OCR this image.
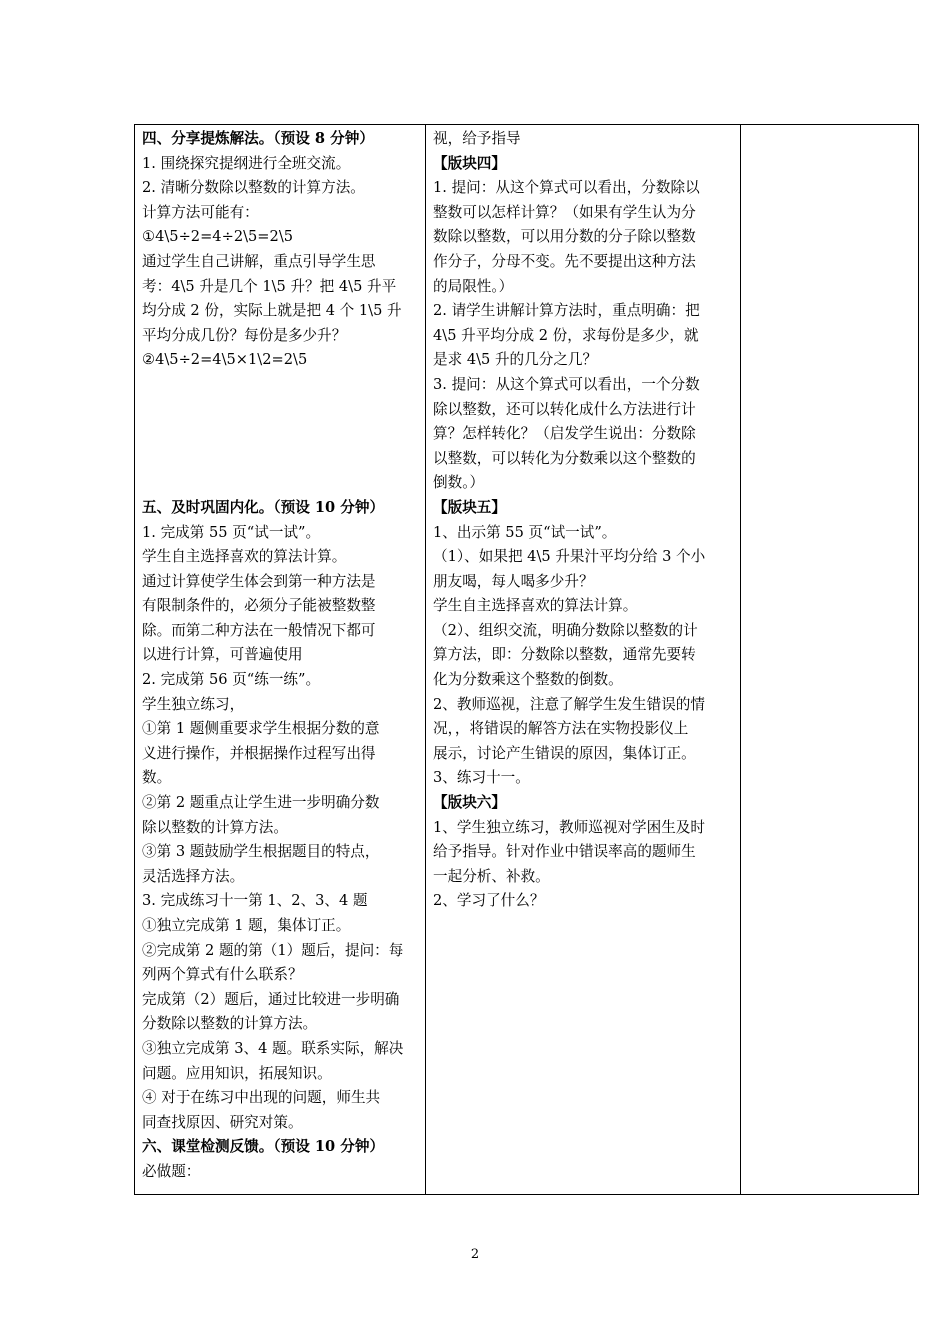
四、分享提炼解法。（预设 8 分钟）
1. 围绕探究提纲进行全班交流。
2. 清晰分数除以整数的计算方法。
计算方法可能有：
①4\5÷2=4÷2\5=2\5
通过学生自己讲解，重点引导学生思
考：4\5 升是几个 1\5 升？把 4\5 升平
均分成 2 份，实际上就是把 4 个 1\5 升
平均分成几份？每份是多少升？
②4\5÷2=4\5×1\2=2\5

五、及时巩固内化。（预设 10 分钟）
1. 完成第 55 页“试一试”。
学生自主选择喜欢的算法计算。
通过计算使学生体会到第一种方法是
有限制条件的，必须分子能被整数整
除。而第二种方法在一般情况下都可
以进行计算，可普遍使用
2. 完成第 56 页“练一练”。
学生独立练习，
①第 1 题侧重要求学生根据分数的意
义进行操作，并根据操作过程写出得
数。
②第 2 题重点让学生进一步明确分数
除以整数的计算方法。
③第 3 题鼓励学生根据题目的特点，
灵活选择方法。
3. 完成练习十一第 1、2、3、4 题
①独立完成第 1 题，集体订正。
②完成第 2 题的第（1）题后，提问：每
列两个算式有什么联系？
完成第（2）题后，通过比较进一步明确
分数除以整数的计算方法。
③独立完成第 3、4 题。联系实际，解决
问题。应用知识，拓展知识。
④ 对于在练习中出现的问题，师生共
同查找原因、研究对策。
六、课堂检测反馈。（预设 10 分钟）
必做题：
视，给予指导
【版块四】
1. 提问：从这个算式可以看出，分数除以
整数可以怎样计算？（如果有学生认为分
数除以整数，可以用分数的分子除以整数
作分子，分母不变。先不要提出这种方法
的局限性。）
2. 请学生讲解计算方法时，重点明确：把
4\5 升平均分成 2 份，求每份是多少，就
是求 4\5 升的几分之几？
3. 提问：从这个算式可以看出，一个分数
除以整数，还可以转化成什么方法进行计
算？怎样转化？（启发学生说出：分数除
以整数，可以转化为分数乘以这个整数的
倒数。）
【版块五】
1、出示第 55 页“试一试”。
（1）、如果把 4\5 升果汁平均分给 3 个小
朋友喝，每人喝多少升？
学生自主选择喜欢的算法计算。
（2）、组织交流，明确分数除以整数的计
算方法，即：分数除以整数，通常先要转
化为分数乘这个整数的倒数。
2、教师巡视，注意了解学生发生错误的情
况，，将错误的解答方法在实物投影仪上
展示，讨论产生错误的原因，集体订正。
3、练习十一。
【版块六】
1、学生独立练习，教师巡视对学困生及时
给予指导。针对作业中错误率高的题师生
一起分析、补救。
2、学习了什么？
2
